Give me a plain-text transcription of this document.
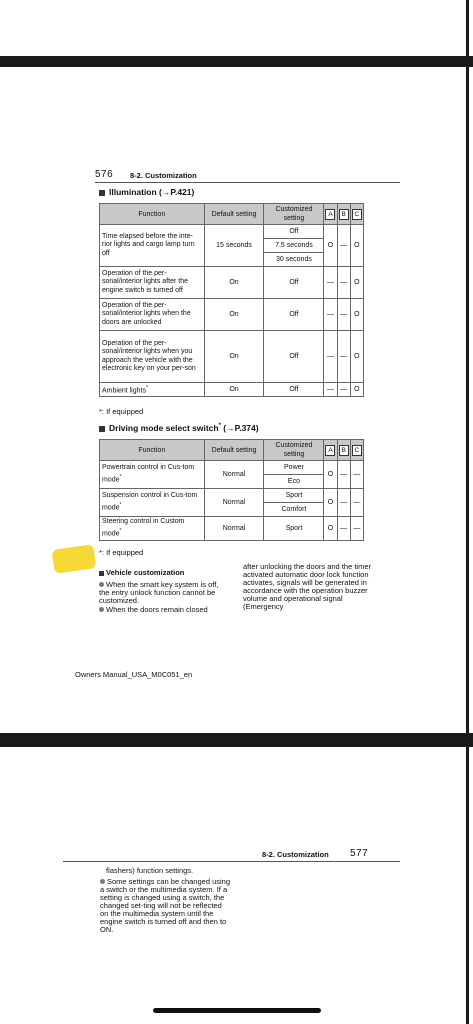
576 8-2. Customization
Illumination (→P.421)
Function	Default setting	Customized setting	A	B	C
Time elapsed before the inte-rior lights and cargo lamp turn off	15 seconds	Off	O	—	O
		7.5 seconds			
		30 seconds			
Operation of the per-sonal/interior lights after the engine switch is turned off	On	Off	—	—	O
Operation of the per-sonal/interior lights when the doors are unlocked	On	Off	—	—	O
Operation of the per-sonal/interior lights when you approach the vehicle with the electronic key on your per-son	On	Off	—	—	O
Ambient lights*	On	Off	—	—	O
*: If equipped
Driving mode select switch* (→P.374)
Function	Default setting	Customized setting	A	B	C
Powertrain control in Cus-tom mode*	Normal	Power	O	—	—
		Eco			
Suspension control in Cus-tom mode*	Normal	Sport	O	—	—
		Comfort			
Steering control in Custom mode*	Normal	Sport	O	—	—
*: If equipped
Vehicle customization
When the smart key system is off, the entry unlock function cannot be customized.
When the doors remain closed
after unlocking the doors and the timer activated automatic door lock function activates, signals will be generated in accordance with the operation buzzer volume and operational signal (Emergency
Owners Manual_USA_M0C051_en
8-2. Customization 577
flashers) function settings.
Some settings can be changed using a switch or the multimedia system. If a setting is changed using a switch, the changed set-ting will not be reflected on the multimedia system until the engine switch is turned off and then to ON.
